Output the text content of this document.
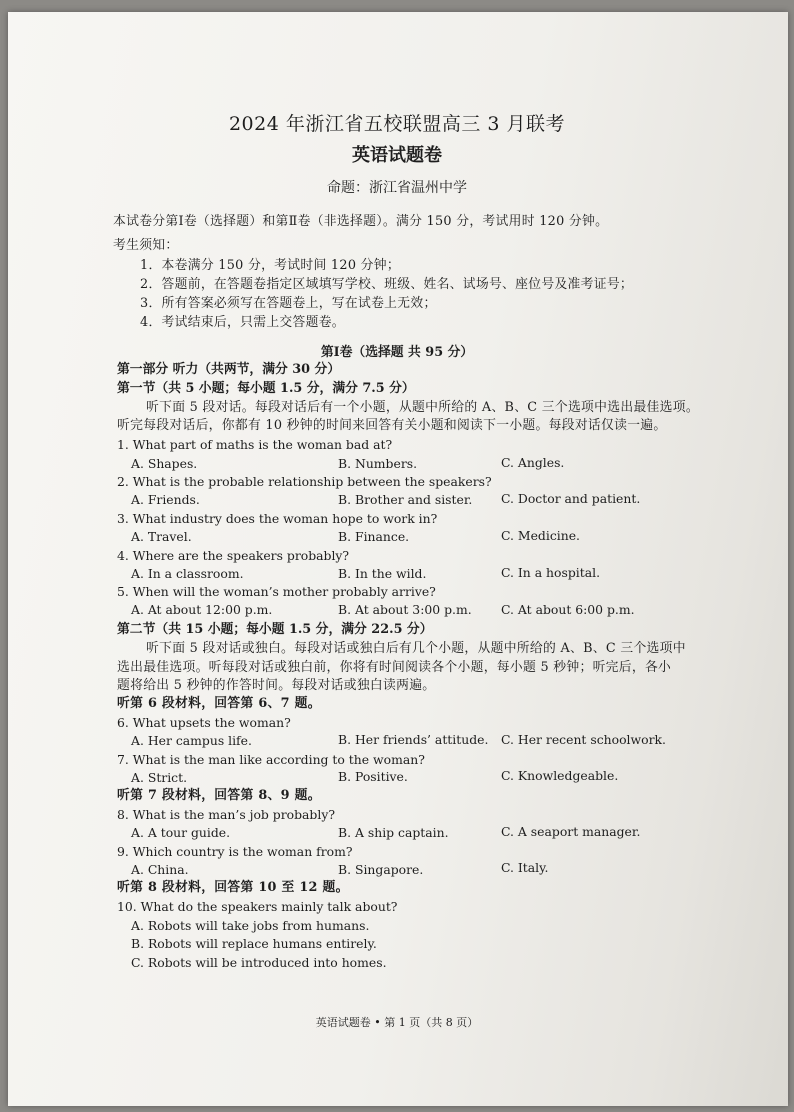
2024 年浙江省五校联盟高三 3 月联考
英语试题卷
命题：浙江省温州中学
本试卷分第Ⅰ卷（选择题）和第Ⅱ卷（非选择题）。满分 150 分，考试用时 120 分钟。
考生须知：
1．本卷满分 150 分，考试时间 120 分钟；
2．答题前，在答题卷指定区域填写学校、班级、姓名、试场号、座位号及准考证号；
3．所有答案必须写在答题卷上，写在试卷上无效；
4．考试结束后，只需上交答题卷。
第Ⅰ卷（选择题 共 95 分）
第一部分 听力（共两节，满分 30 分）
第一节（共 5 小题；每小题 1.5 分，满分 7.5 分）
听下面 5 段对话。每段对话后有一个小题，从题中所给的 A、B、C 三个选项中选出最佳选项。
听完每段对话后，你都有 10 秒钟的时间来回答有关小题和阅读下一小题。每段对话仅读一遍。
1. What part of maths is the woman bad at?
A. Shapes.	B. Numbers.	C. Angles.
2. What is the probable relationship between the speakers?
A. Friends.	B. Brother and sister. C. Doctor and patient.
3. What industry does the woman hope to work in?
A. Travel.	B. Finance.	C. Medicine.
4. Where are the speakers probably?
A. In a classroom.	B. In the wild.	C. In a hospital.
5. When will the woman’s mother probably arrive?
A. At about 12:00 p.m.	B. At about 3:00 p.m. C. At about 6:00 p.m.
第二节（共 15 小题；每小题 1.5 分，满分 22.5 分）
听下面 5 段对话或独白。每段对话或独白后有几个小题，从题中所给的 A、B、C 三个选项中
选出最佳选项。听每段对话或独白前，你将有时间阅读各个小题，每小题 5 秒钟；听完后，各小
题将给出 5 秒钟的作答时间。每段对话或独白读两遍。
听第 6 段材料，回答第 6、7 题。
6. What upsets the woman?
A. Her campus life.	B. Her friends’ attitude. C. Her recent schoolwork.
7. What is the man like according to the woman?
A. Strict.	B. Positive.	C. Knowledgeable.
听第 7 段材料，回答第 8、9 题。
8. What is the man’s job probably?
A. A tour guide.	B. A ship captain.	C. A seaport manager.
9. Which country is the woman from?
A. China.	B. Singapore.	C. Italy.
听第 8 段材料，回答第 10 至 12 题。
10. What do the speakers mainly talk about?
A. Robots will take jobs from humans.
B. Robots will replace humans entirely.
C. Robots will be introduced into homes.
英语试题卷 • 第 1 页（共 8 页）
